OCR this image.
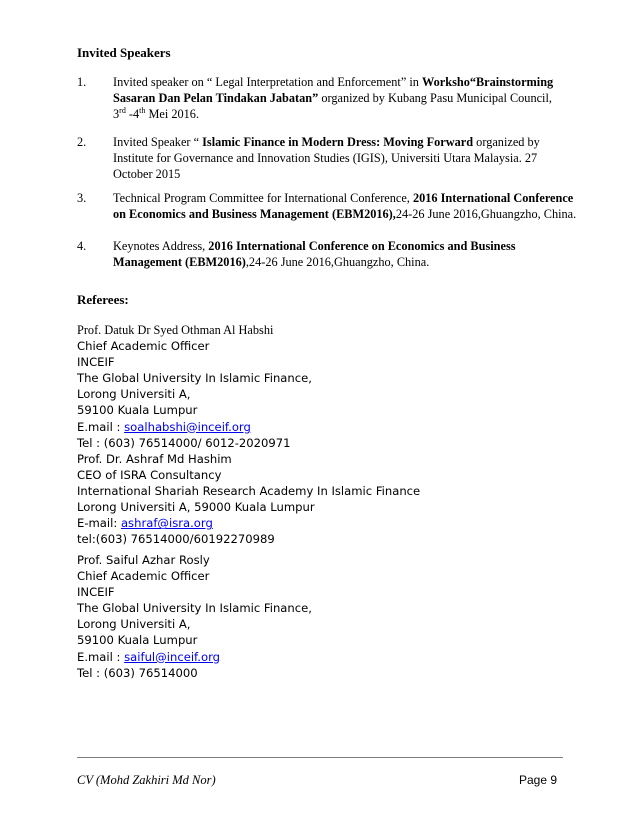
Invited Speakers
1. Invited speaker on “ Legal Interpretation and Enforcement” in Worksho“Brainstorming Sasaran Dan Pelan Tindakan Jabatan” organized by Kubang Pasu Municipal Council,
3rd -4th Mei 2016.
2. Invited Speaker “ Islamic Finance in Modern Dress: Moving Forward organized by Institute for Governance and Innovation Studies (IGIS), Universiti Utara Malaysia. 27 October 2015
3. Technical Program Committee for International Conference, 2016 International Conference on Economics and Business Management (EBM2016),24-26 June 2016,Ghuangzho, China.
4. Keynotes Address, 2016 International Conference on Economics and Business Management (EBM2016),24-26 June 2016,Ghuangzho, China.
Referees:
Prof. Datuk Dr Syed Othman Al Habshi
Chief Academic Officer
INCEIF
The Global University In Islamic Finance,
Lorong Universiti A,
59100 Kuala Lumpur
E.mail : soalhabshi@inceif.org
Tel : (603) 76514000/ 6012-2020971
Prof. Dr. Ashraf Md Hashim
CEO of ISRA Consultancy
International Shariah Research Academy In Islamic Finance
Lorong Universiti A, 59000 Kuala Lumpur
E-mail: ashraf@isra.org
tel:(603) 76514000/60192270989
Prof. Saiful Azhar Rosly
Chief Academic Officer
INCEIF
The Global University In Islamic Finance,
Lorong Universiti A,
59100 Kuala Lumpur
E.mail : saiful@inceif.org
Tel : (603) 76514000
CV (Mohd Zakhiri Md Nor)	Page 9
